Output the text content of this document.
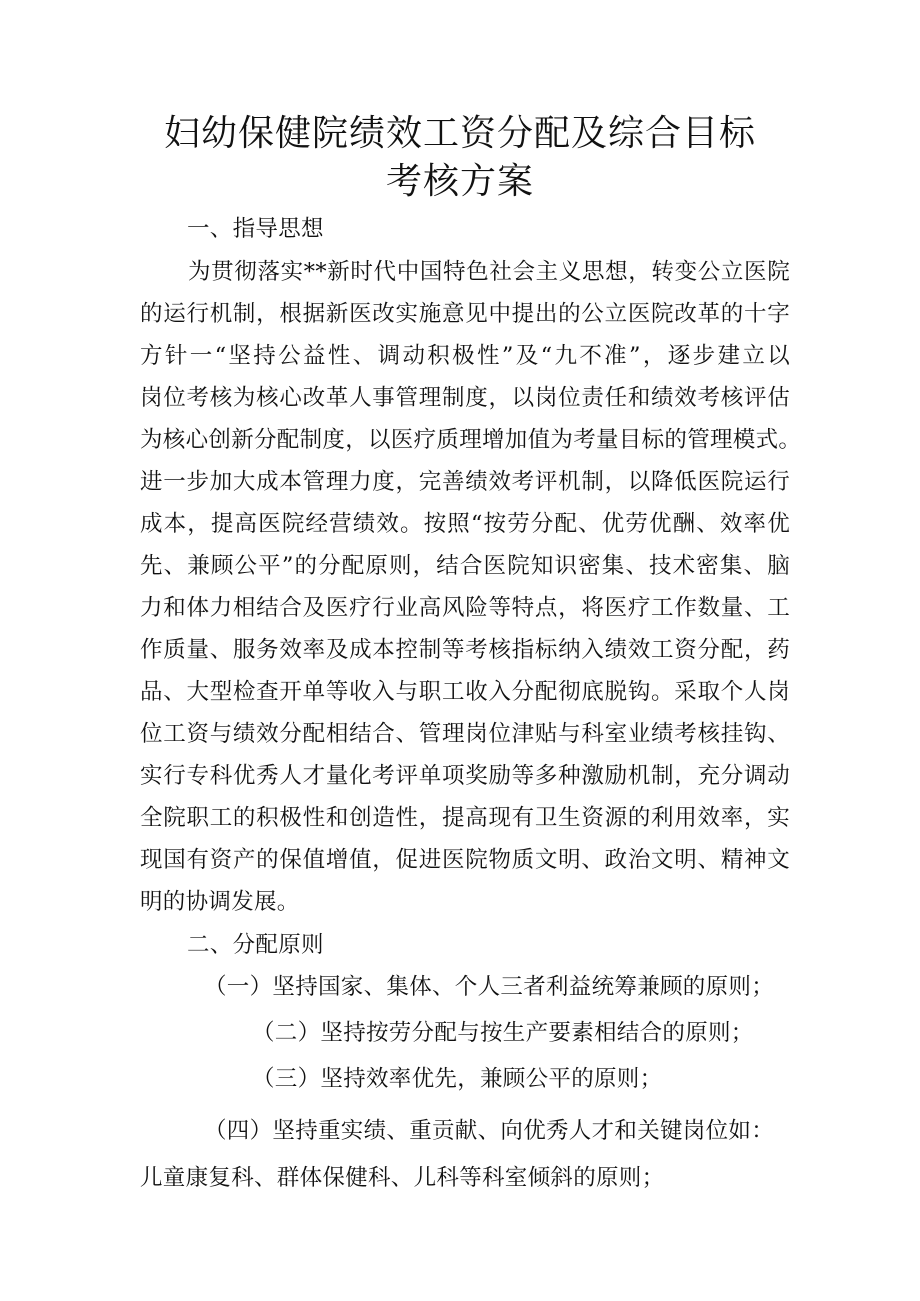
妇幼保健院绩效工资分配及综合目标
考核方案
一、指导思想
为贯彻落实**新时代中国特色社会主义思想，转变公立医院
的运行机制，根据新医改实施意见中提出的公立医院改革的十字
方针一“坚持公益性、调动积极性”及“九不准”，逐步建立以
岗位考核为核心改革人事管理制度，以岗位责任和绩效考核评估
为核心创新分配制度，以医疗质理增加值为考量目标的管理模式。
进一步加大成本管理力度，完善绩效考评机制，以降低医院运行
成本，提高医院经营绩效。按照“按劳分配、优劳优酬、效率优
先、兼顾公平”的分配原则，结合医院知识密集、技术密集、脑
力和体力相结合及医疗行业高风险等特点，将医疗工作数量、工
作质量、服务效率及成本控制等考核指标纳入绩效工资分配，药
品、大型检查开单等收入与职工收入分配彻底脱钩。采取个人岗
位工资与绩效分配相结合、管理岗位津贴与科室业绩考核挂钩、
实行专科优秀人才量化考评单项奖励等多种激励机制，充分调动
全院职工的积极性和创造性，提高现有卫生资源的利用效率，实
现国有资产的保值增值，促进医院物质文明、政治文明、精神文
明的协调发展。
二、分配原则
（一）坚持国家、集体、个人三者利益统筹兼顾的原则；
（二）坚持按劳分配与按生产要素相结合的原则；
（三）坚持效率优先，兼顾公平的原则；
（四）坚持重实绩、重贡献、向优秀人才和关键岗位如：
儿童康复科、群体保健科、儿科等科室倾斜的原则；
